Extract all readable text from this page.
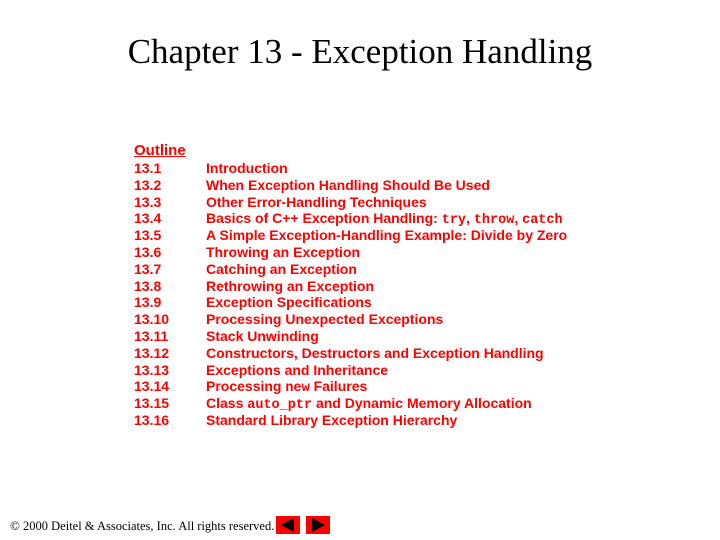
Chapter 13 - Exception Handling
Outline
13.1	Introduction
13.2	When Exception Handling Should Be Used
13.3	Other Error-Handling Techniques
13.4	Basics of C++ Exception Handling: try, throw, catch
13.5	A Simple Exception-Handling Example: Divide by Zero
13.6	Throwing an Exception
13.7	Catching an Exception
13.8	Rethrowing an Exception
13.9	Exception Specifications
13.10	Processing Unexpected Exceptions
13.11	Stack Unwinding
13.12	Constructors, Destructors and Exception Handling
13.13	Exceptions and Inheritance
13.14	Processing new Failures
13.15	Class auto_ptr and Dynamic Memory Allocation
13.16	Standard Library Exception Hierarchy
© 2000 Deitel & Associates, Inc. All rights reserved.
